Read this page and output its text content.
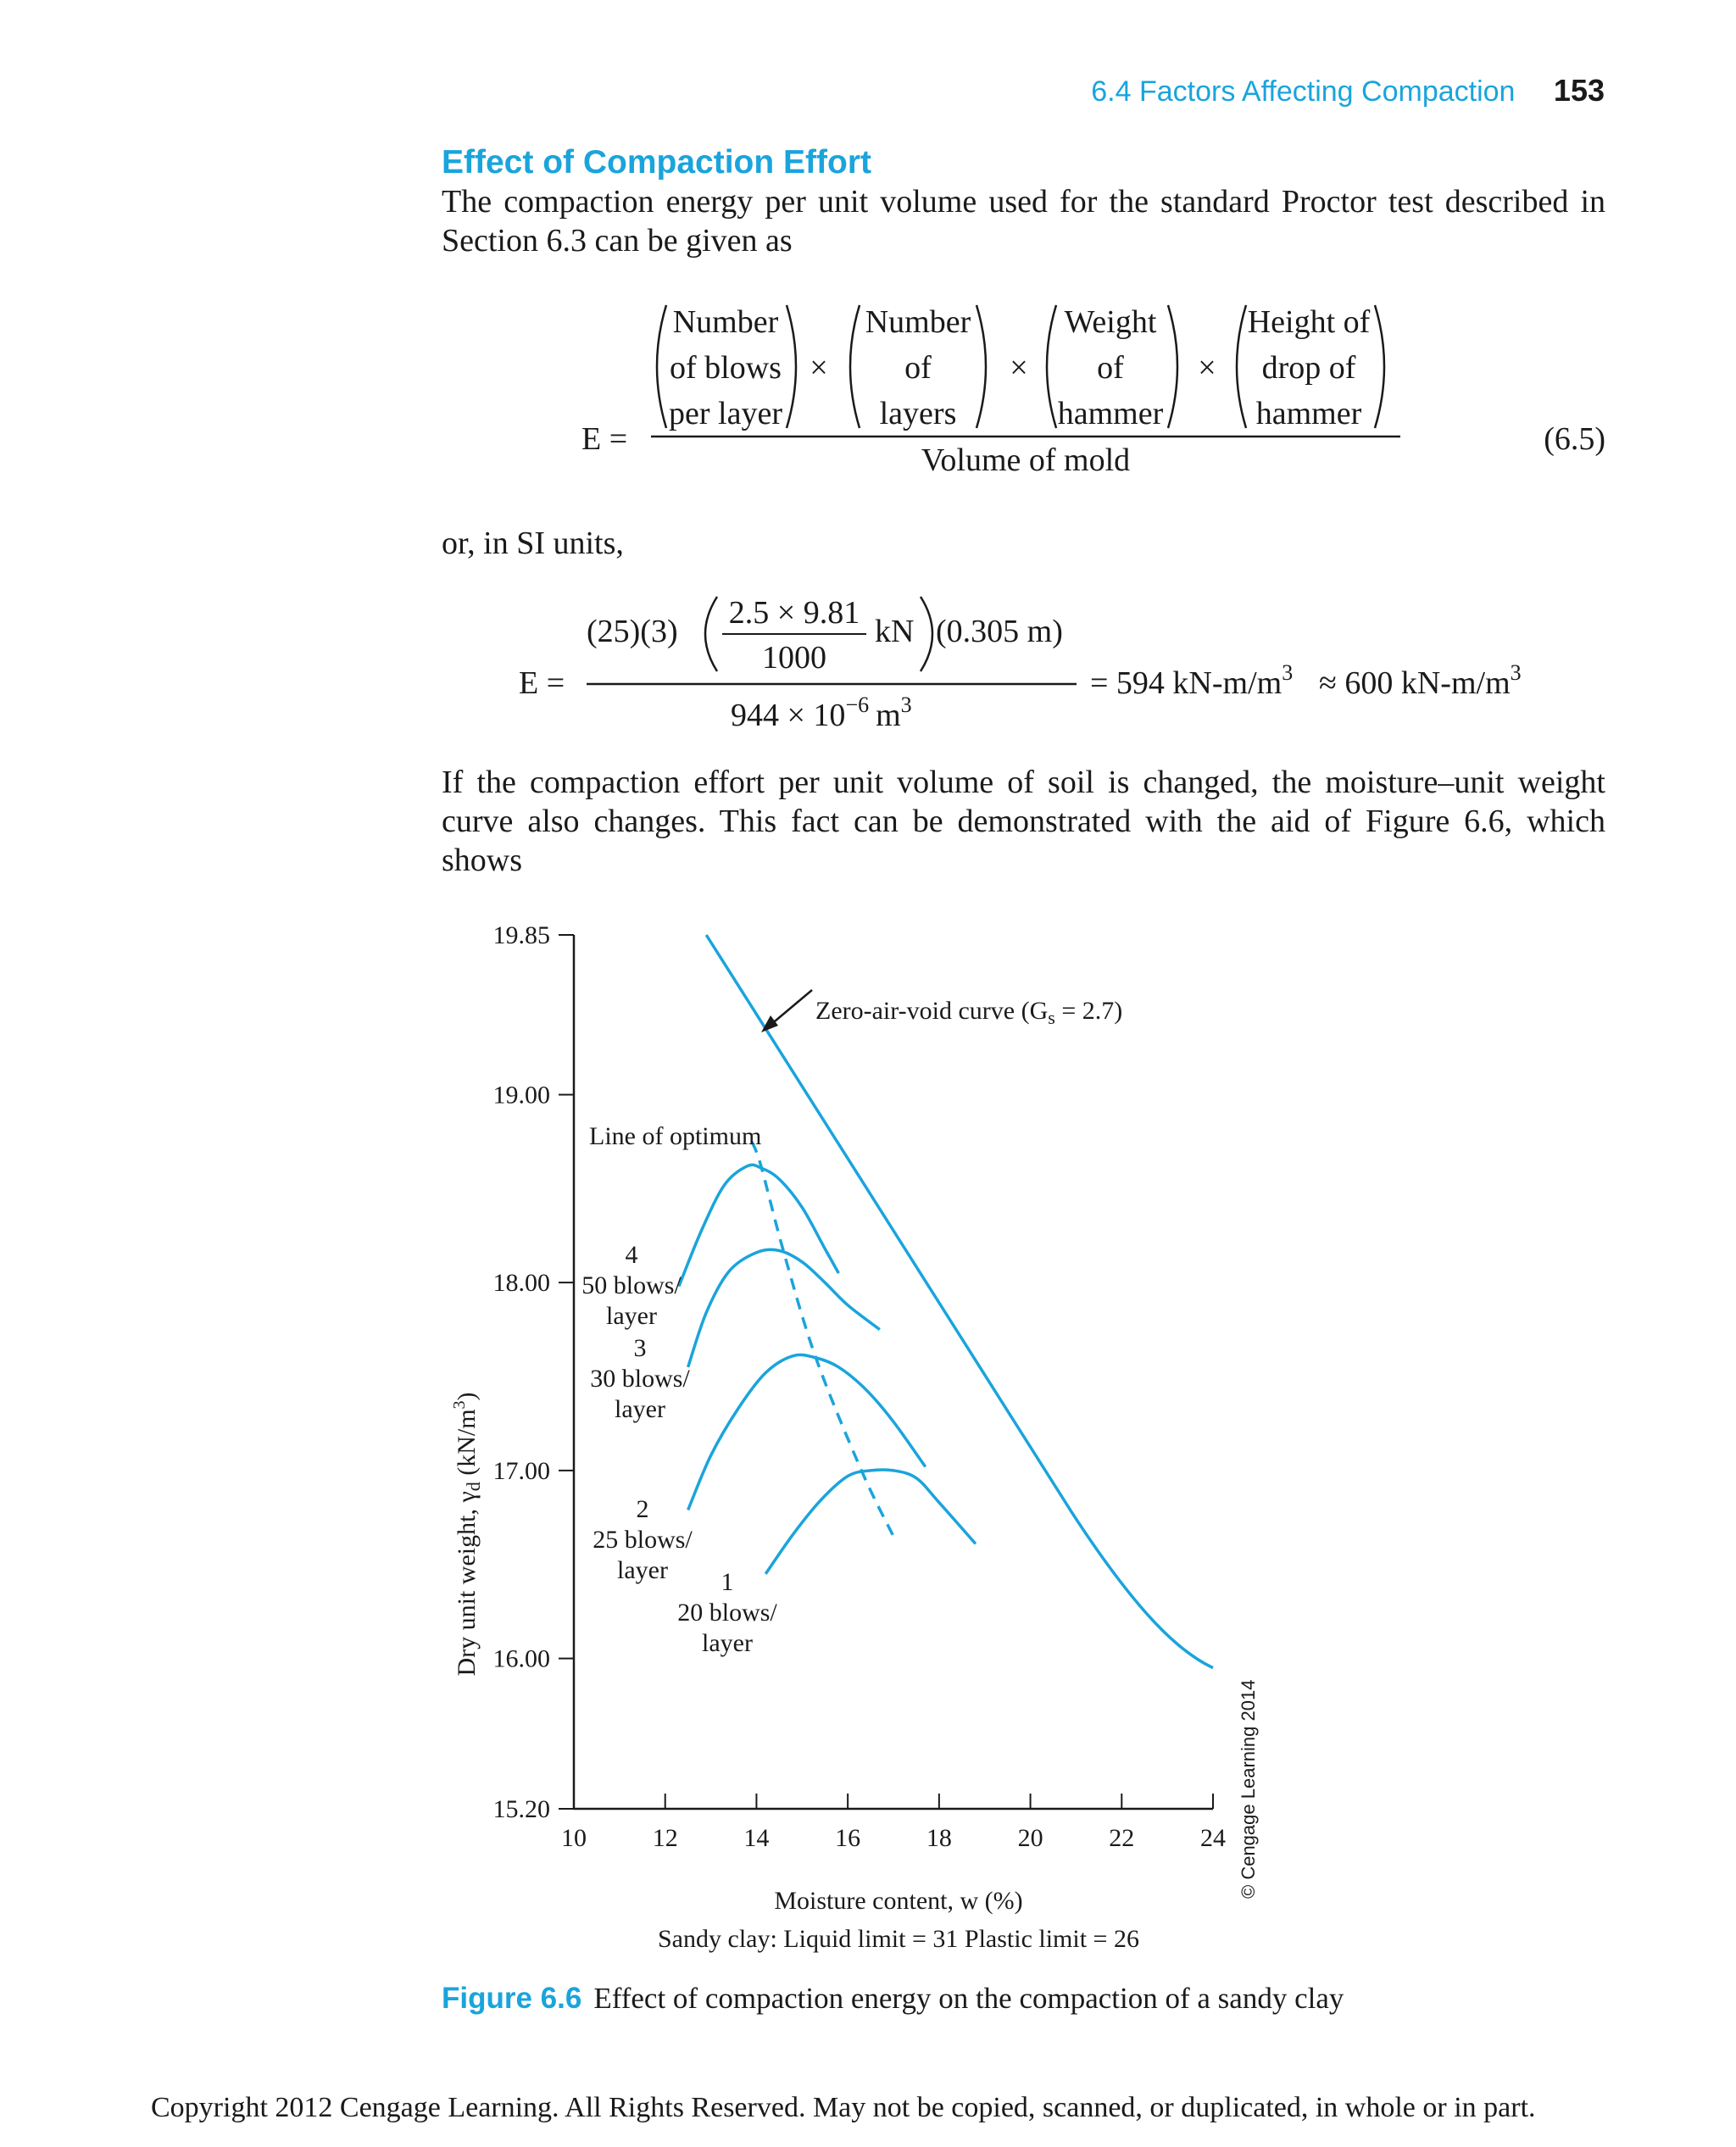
6.4 Factors Affecting Compaction 153
Effect of Compaction Effort
The compaction energy per unit volume used for the standard Proctor test described in Section 6.3 can be given as
E =
Number
of blows
per layer
×
Number
of
layers
×
Weight
of
hammer
×
Height of
drop of
hammer
Volume of mold
(6.5)
or, in SI units,
E =
(25)(3)
2.5 × 9.81
1000
kN (0.305 m)
$944 \times 10^{-6}$ $m^3$
= 594 $kN-m/m^3 \approx 600$ $kN-m/m^3$
If the compaction effort per unit volume of soil is changed, the moisture–unit weight curve also changes. This fact can be demonstrated with the aid of Figure 6.6, which shows
15.20
16.00
17.00
18.00
19.00
19.85
10	12	14	16	18	20	22	24
Dry unit weight, $\gamma_d$ $(kN/m^3)$
Moisture content, w (%)
Sandy clay: Liquid limit = 31 Plastic limit = 26
Zero-air-void curve $(G_s = 2.7)$
Line of optimum
© Cengage Learning 2014
4
50 blows/
layer
3
30 blows/
layer
2
25 blows/
layer 1
20 blows/
layer
Figure 6.6 Effect of compaction energy on the compaction of a sandy clay
Copyright 2012 Cengage Learning. All Rights Reserved. May not be copied, scanned, or duplicated, in whole or in part.
